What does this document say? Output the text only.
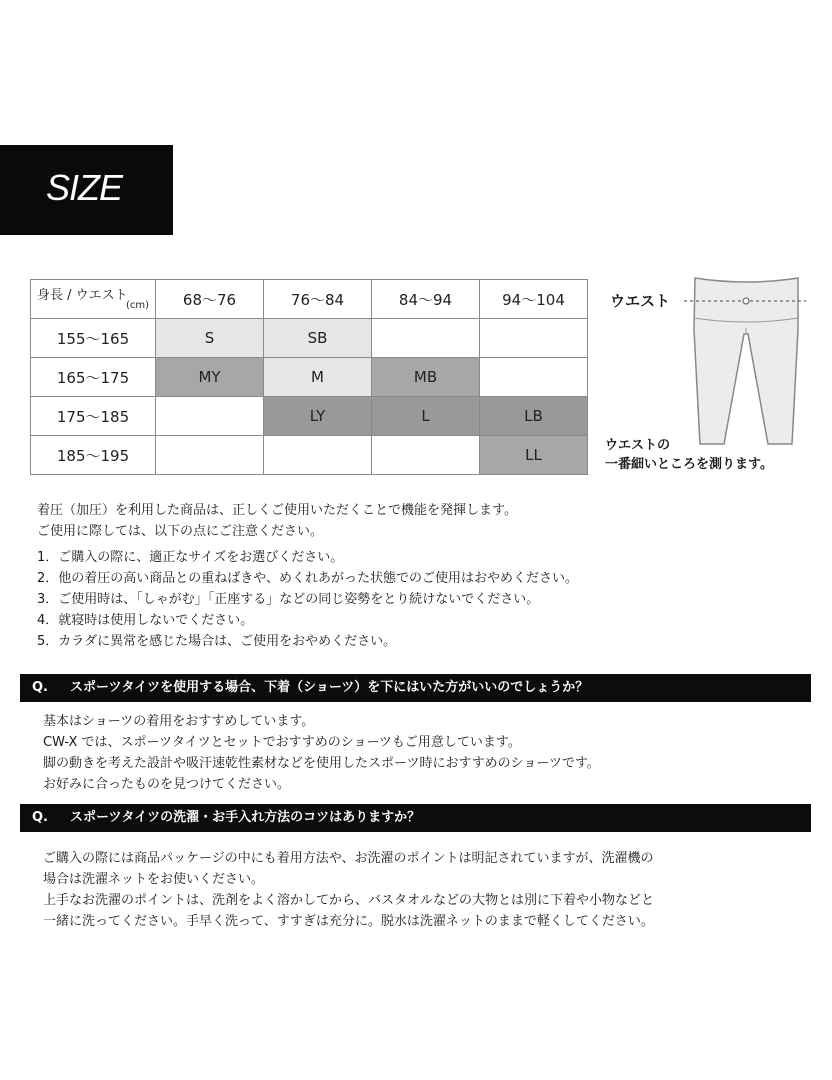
SIZE
身長 / ウエスト
(cm)	68〜76	76〜84	84〜94	94〜104
155〜165	S	SB		
165〜175	MY	M	MB	
175〜185		LY	L	LB
185〜195				LL
ウエスト
ウエストの
一番細いところを測ります。
着圧（加圧）を利用した商品は、正しくご使用いただくことで機能を発揮します。
ご使用に際しては、以下の点にご注意ください。
1．ご購入の際に、適正なサイズをお選びください。
2．他の着圧の高い商品との重ねばきや、めくれあがった状態でのご使用はおやめください。
3．ご使用時は、「しゃがむ」「正座する」などの同じ姿勢をとり続けないでください。
4．就寝時は使用しないでください。
5．カラダに異常を感じた場合は、ご使用をおやめください。
Q. スポーツタイツを使用する場合、下着（ショーツ）を下にはいた方がいいのでしょうか？
基本はショーツの着用をおすすめしています。
CW-X では、スポーツタイツとセットでおすすめのショーツもご用意しています。
脚の動きを考えた設計や吸汗速乾性素材などを使用したスポーツ時におすすめのショーツです。
お好みに合ったものを見つけてください。
Q. スポーツタイツの洗濯・お手入れ方法のコツはありますか？
ご購入の際には商品パッケージの中にも着用方法や、お洗濯のポイントは明記されていますが、洗濯機の
場合は洗濯ネットをお使いください。
上手なお洗濯のポイントは、洗剤をよく溶かしてから、バスタオルなどの大物とは別に下着や小物などと
一緒に洗ってください。手早く洗って、すすぎは充分に。脱水は洗濯ネットのままで軽くしてください。
